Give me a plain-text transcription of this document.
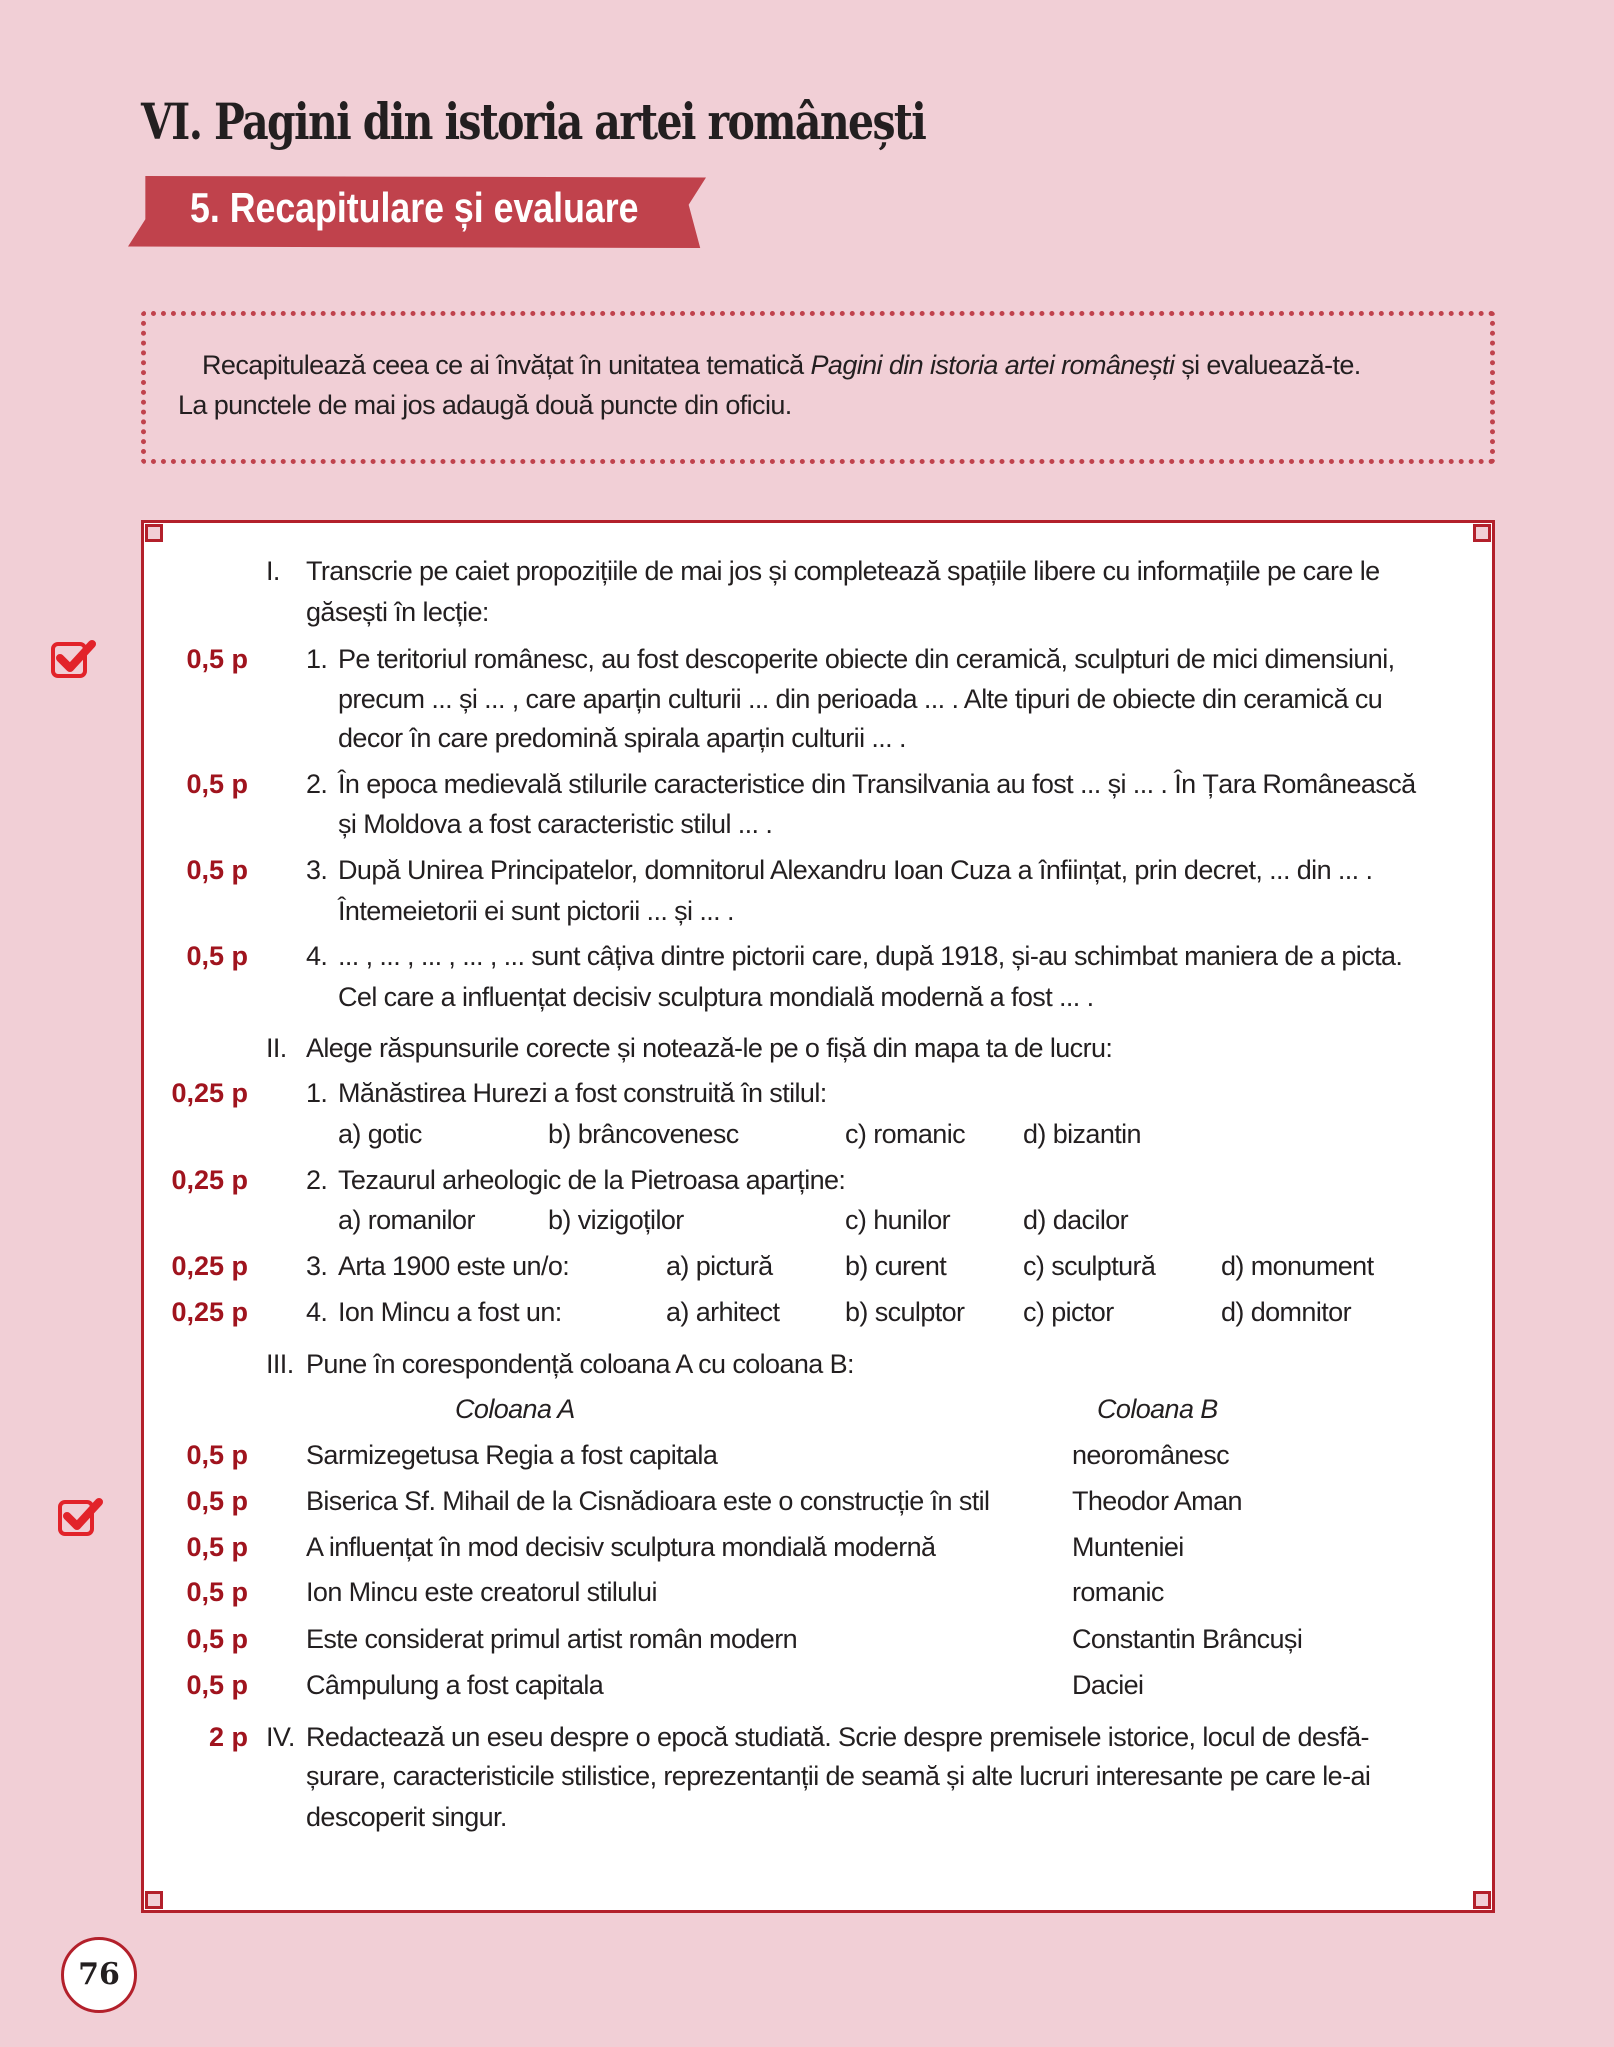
VI. Pagini din istoria artei românești
5. Recapitulare și evaluare
Recapitulează ceea ce ai învățat în unitatea tematică Pagini din istoria artei românești și evaluează-te.
La punctele de mai jos adaugă două puncte din oficiu.
I. Transcrie pe caiet propozițiile de mai jos și completează spațiile libere cu informațiile pe care le
găsești în lecție:
0,5 p 1. Pe teritoriul românesc, au fost descoperite obiecte din ceramică, sculpturi de mici dimensiuni,
precum ... și ... , care aparțin culturii ... din perioada ... . Alte tipuri de obiecte din ceramică cu
decor în care predomină spirala aparțin culturii ... .
0,5 p 2. În epoca medievală stilurile caracteristice din Transilvania au fost ... și ... . În Țara Românească
și Moldova a fost caracteristic stilul ... .
0,5 p 3. După Unirea Principatelor, domnitorul Alexandru Ioan Cuza a înființat, prin decret, ... din ... .
Întemeietorii ei sunt pictorii ... și ... .
0,5 p 4. ... , ... , ... , ... , ... sunt câțiva dintre pictorii care, după 1918, și-au schimbat maniera de a picta.
Cel care a influențat decisiv sculptura mondială modernă a fost ... .
II. Alege răspunsurile corecte și notează-le pe o fișă din mapa ta de lucru:
0,25 p 1. Mănăstirea Hurezi a fost construită în stilul:
a) gotic	b) brâncovenesc	c) romanic d) bizantin
0,25 p 2. Tezaurul arheologic de la Pietroasa aparține:
a) romanilor	b) vizigoților	c) hunilor	d) dacilor
0,25 p 3. Arta 1900 este un/o:	a) pictură	b) curent	c) sculptură d) monument
0,25 p 4. Ion Mincu a fost un:	a) arhitect b) sculptor c) pictor	d) domnitor
III. Pune în corespondență coloana A cu coloana B:
Coloana A	Coloana B
0,5 p Sarmizegetusa Regia a fost capitala	neoromânesc
0,5 p Biserica Sf. Mihail de la Cisnădioara este o construcție în stil	Theodor Aman
0,5 p A influențat în mod decisiv sculptura mondială modernă	Munteniei
0,5 p Ion Mincu este creatorul stilului	romanic
0,5 p Este considerat primul artist român modern	Constantin Brâncuși
0,5 p Câmpulung a fost capitala	Daciei
2 p IV. Redactează un eseu despre o epocă studiată. Scrie despre premisele istorice, locul de desfă-
șurare, caracteristicile stilistice, reprezentanții de seamă și alte lucruri interesante pe care le-ai
descoperit singur.
76
